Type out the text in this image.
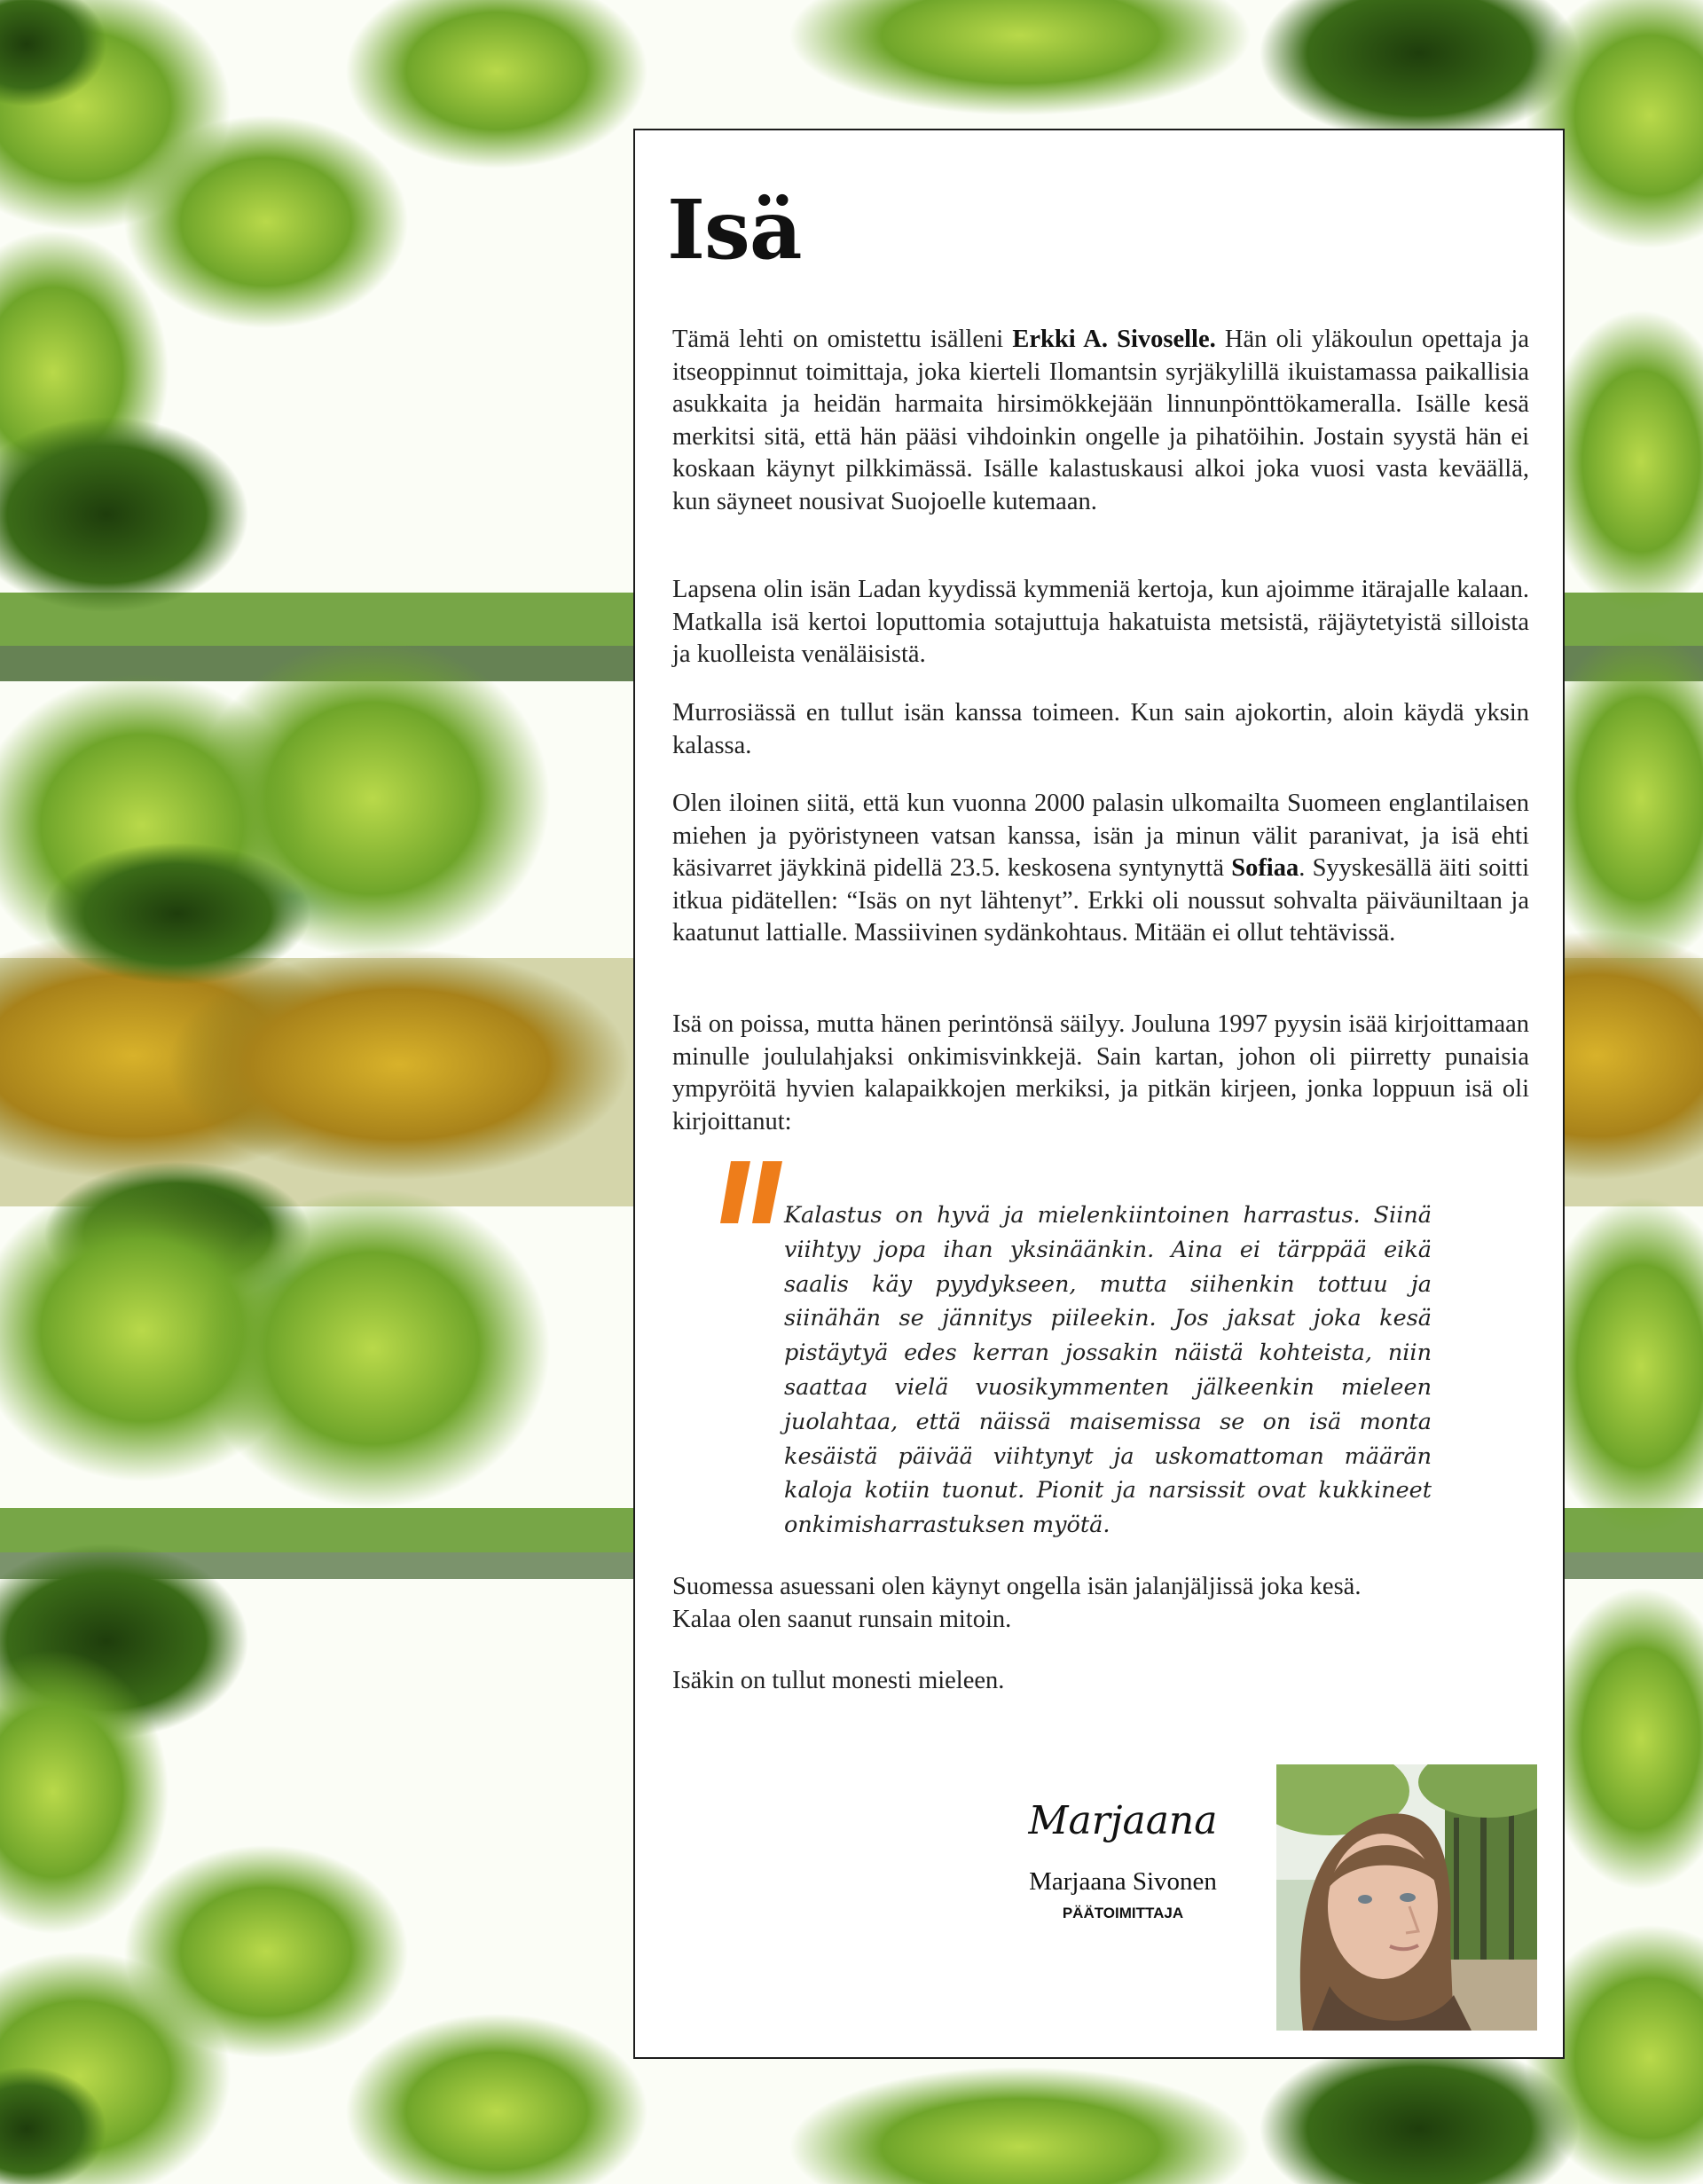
Isä

Tämä lehti on omistettu isälleni Erkki A. Sivoselle. Hän oli yläkoulun opettaja ja itseoppinnut toimittaja, joka kierteli Ilomantsin syrjäkylillä ikuistamassa paikallisia asukkaita ja heidän harmaita hirsimökkejään linnunpönttökameralla. Isälle kesä merkitsi sitä, että hän pääsi vihdoinkin ongelle ja pihatöihin. Jostain syystä hän ei koskaan käynyt pilkkimässä. Isälle kalastuskausi alkoi joka vuosi vasta keväällä, kun säyneet nousivat Suojoelle kutemaan.

Lapsena olin isän Ladan kyydissä kymmeniä kertoja, kun ajoimme itärajalle kalaan. Matkalla isä kertoi loputtomia sotajuttuja hakatuista metsistä, räjäytetyistä silloista ja kuolleista venäläisistä.

Murrosiässä en tullut isän kanssa toimeen. Kun sain ajokortin, aloin käydä yksin kalassa.

Olen iloinen siitä, että kun vuonna 2000 palasin ulkomailta Suomeen englantilaisen miehen ja pyöristyneen vatsan kanssa, isän ja minun välit paranivat, ja isä ehti käsivarret jäykkinä pidellä 23.5. keskosena syntynyttä Sofiaa. Syyskesällä äiti soitti itkua pidätellen: “Isäs on nyt lähtenyt”. Erkki oli noussut sohvalta päiväuniltaan ja kaatunut lattialle. Massiivinen sydänkohtaus. Mitään ei ollut tehtävissä.

Isä on poissa, mutta hänen perintönsä säilyy. Jouluna 1997 pyysin isää kirjoittamaan minulle joululahjaksi onkimisvinkkejä. Sain kartan, johon oli piirretty punaisia ympyröitä hyvien kalapaikkojen merkiksi, ja pitkän kirjeen, jonka loppuun isä oli kirjoittanut:

Kalastus on hyvä ja mielenkiintoinen harrastus. Siinä viihtyy jopa ihan yksinäänkin. Aina ei tärppää eikä saalis käy pyydykseen, mutta siihenkin tottuu ja siinähän se jännitys piileekin. Jos jaksat joka kesä pistäytyä edes kerran jossakin näistä kohteista, niin saattaa vielä vuosikymmenten jälkeenkin mieleen juolahtaa, että näissä maisemissa se on isä monta kesäistä päivää viihtynyt ja uskomattoman määrän kaloja kotiin tuonut. Pionit ja narsissit ovat kukkineet onkimisharrastuksen myötä.

Suomessa asuessani olen käynyt ongella isän jalanjäljissä joka kesä.
Kalaa olen saanut runsain mitoin.

Isäkin on tullut monesti mieleen.

Marjaana
Marjaana Sivonen
PÄÄTOIMITTAJA
